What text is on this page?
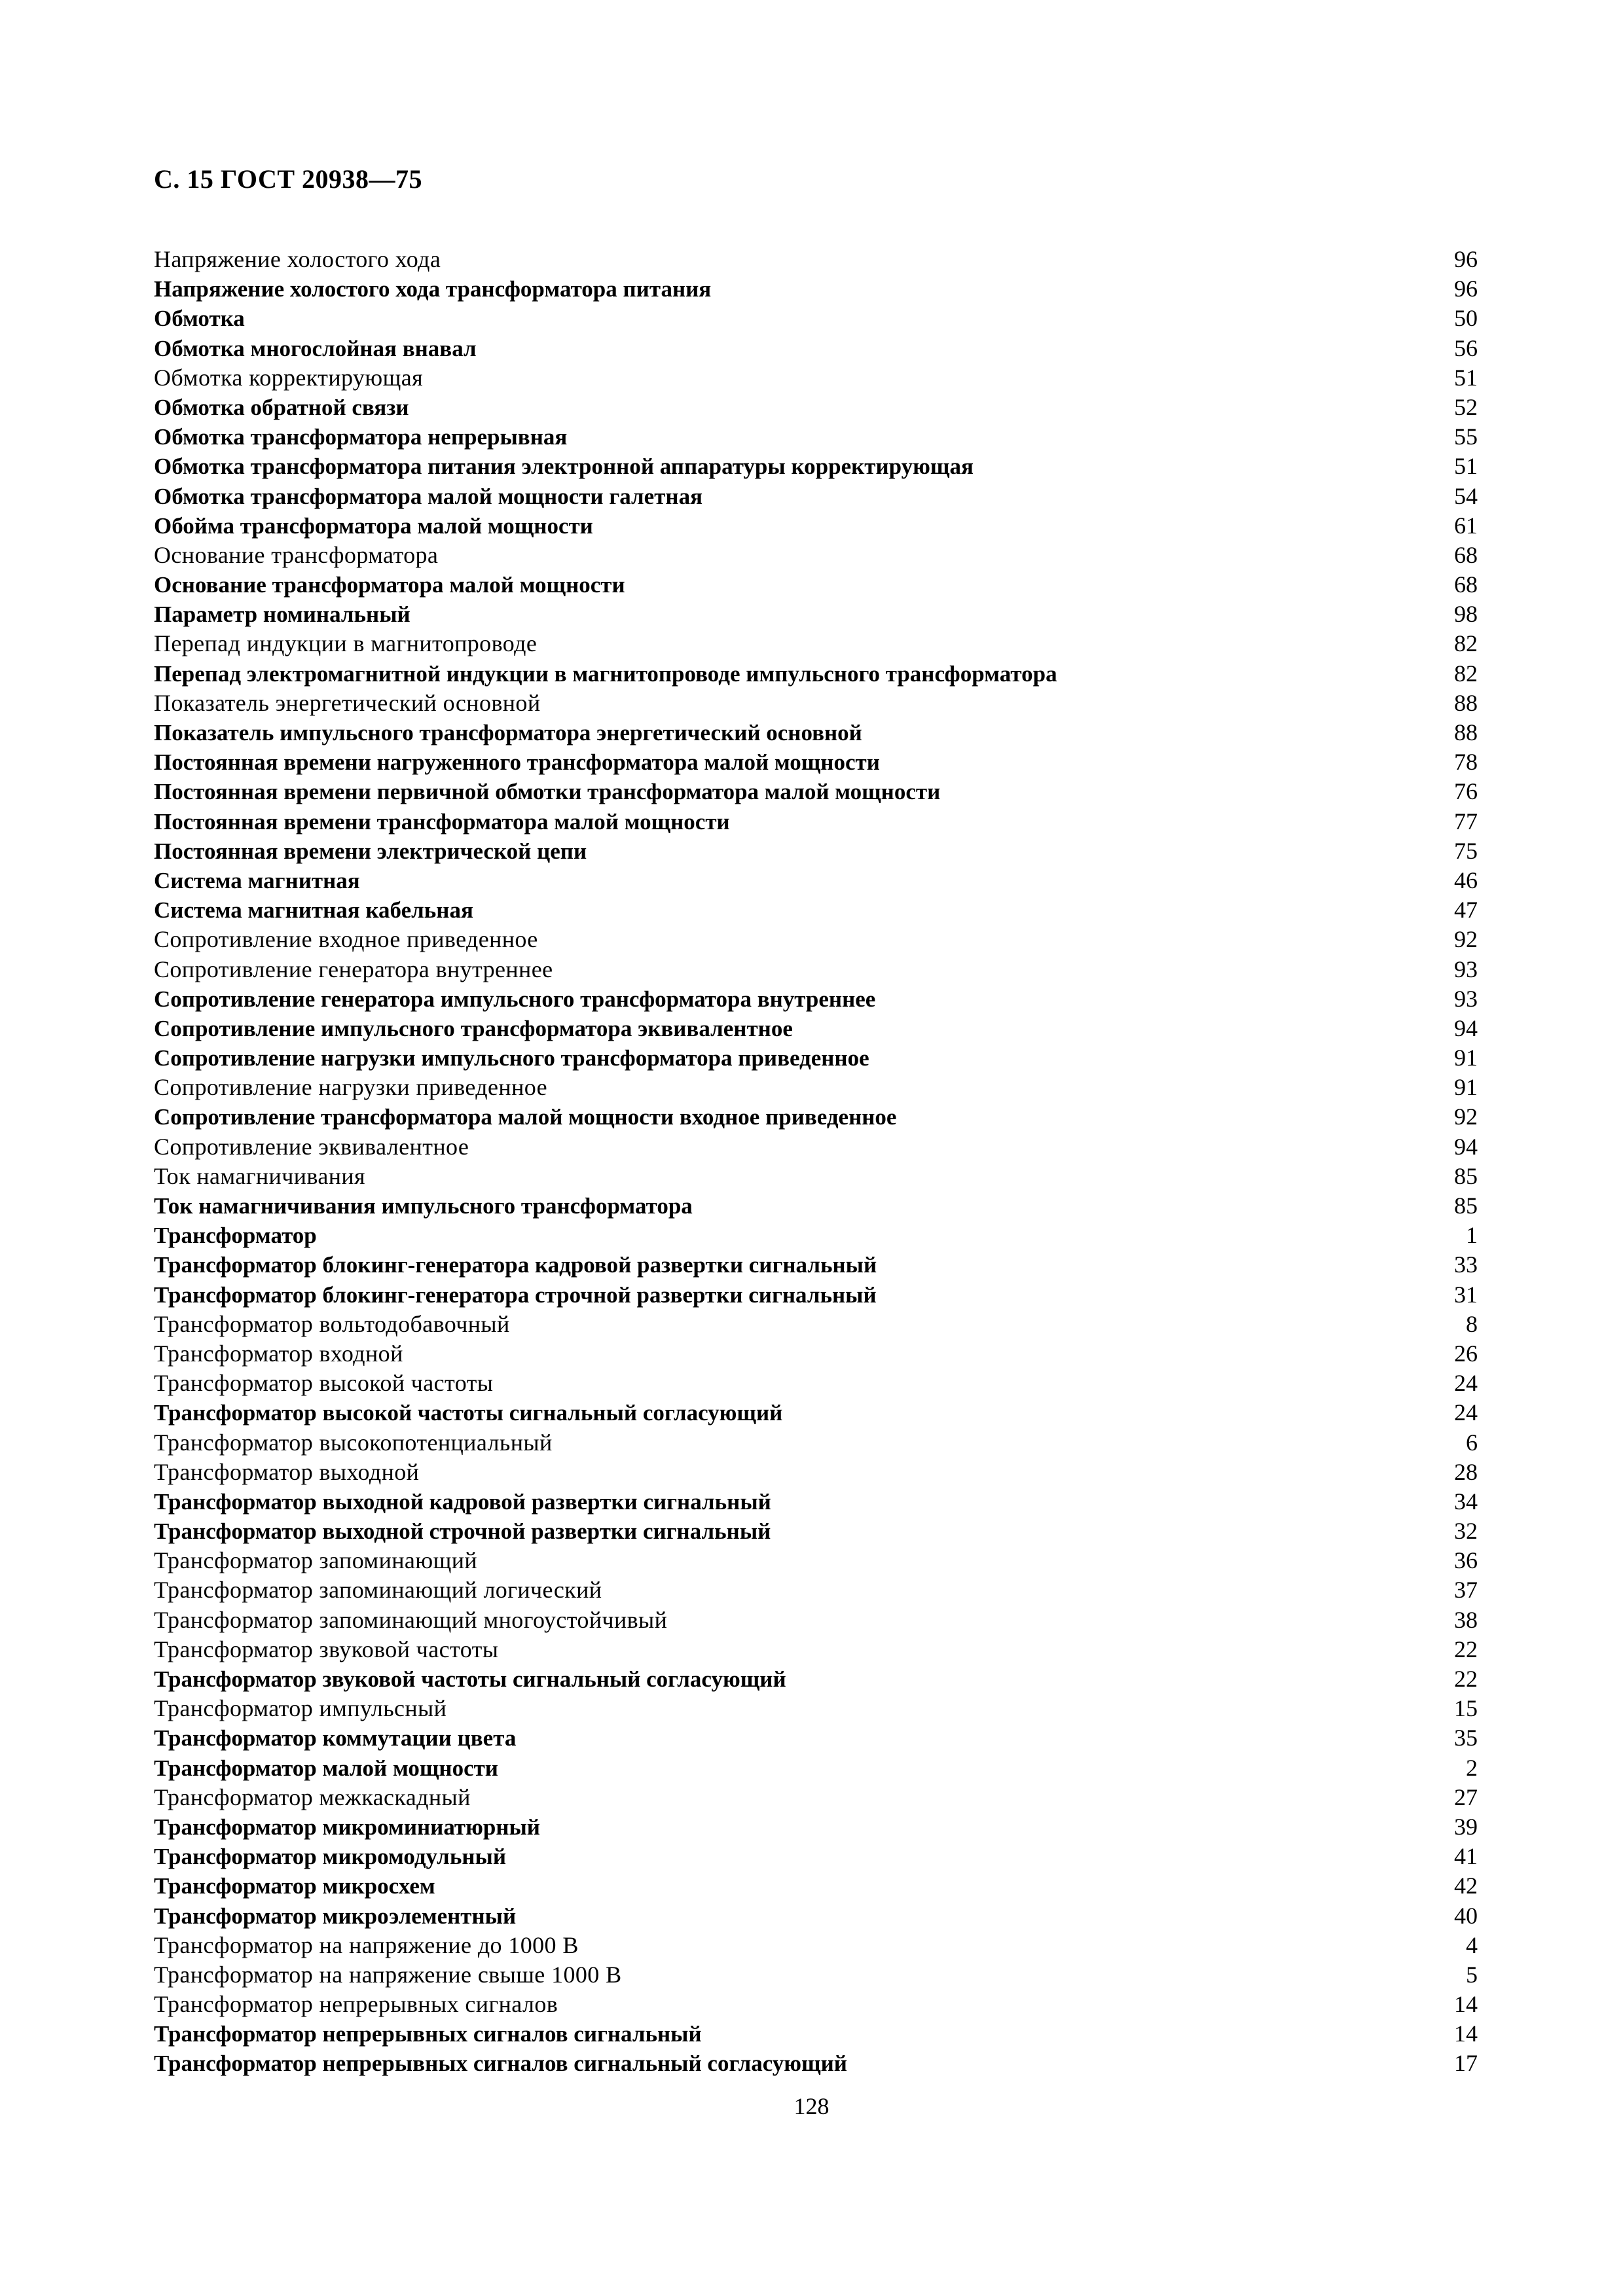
С. 15 ГОСТ 20938—75
Напряжение холостого хода	96
Напряжение холостого хода трансформатора питания	96
Обмотка	50
Обмотка многослойная внавал	56
Обмотка корректирующая	51
Обмотка обратной связи	52
Обмотка трансформатора непрерывная	55
Обмотка трансформатора питания электронной аппаратуры корректирующая	51
Обмотка трансформатора малой мощности галетная	54
Обойма трансформатора малой мощности	61
Основание трансформатора	68
Основание трансформатора малой мощности	68
Параметр номинальный	98
Перепад индукции в магнитопроводе	82
Перепад электромагнитной индукции в магнитопроводе импульсного трансформатора	82
Показатель энергетический основной	88
Показатель импульсного трансформатора энергетический основной	88
Постоянная времени нагруженного трансформатора малой мощности	78
Постоянная времени первичной обмотки трансформатора малой мощности	76
Постоянная времени трансформатора малой мощности	77
Постоянная времени электрической цепи	75
Система магнитная	46
Система магнитная кабельная	47
Сопротивление входное приведенное	92
Сопротивление генератора внутреннее	93
Сопротивление генератора импульсного трансформатора внутреннее	93
Сопротивление импульсного трансформатора эквивалентное	94
Сопротивление нагрузки импульсного трансформатора приведенное	91
Сопротивление нагрузки приведенное	91
Сопротивление трансформатора малой мощности входное приведенное	92
Сопротивление эквивалентное	94
Ток намагничивания	85
Ток намагничивания импульсного трансформатора	85
Трансформатор	1
Трансформатор блокинг-генератора кадровой развертки сигнальный	33
Трансформатор блокинг-генератора строчной развертки сигнальный	31
Трансформатор вольтодобавочный	8
Трансформатор входной	26
Трансформатор высокой частоты	24
Трансформатор высокой частоты сигнальный согласующий	24
Трансформатор высокопотенциальный	6
Трансформатор выходной	28
Трансформатор выходной кадровой развертки сигнальный	34
Трансформатор выходной строчной развертки сигнальный	32
Трансформатор запоминающий	36
Трансформатор запоминающий логический	37
Трансформатор запоминающий многоустойчивый	38
Трансформатор звуковой частоты	22
Трансформатор звуковой частоты сигнальный согласующий	22
Трансформатор импульсный	15
Трансформатор коммутации цвета	35
Трансформатор малой мощности	2
Трансформатор межкаскадный	27
Трансформатор микроминиатюрный	39
Трансформатор микромодульный	41
Трансформатор микросхем	42
Трансформатор микроэлементный	40
Трансформатор на напряжение до 1000 В	4
Трансформатор на напряжение свыше 1000 В	5
Трансформатор непрерывных сигналов	14
Трансформатор непрерывных сигналов сигнальный	14
Трансформатор непрерывных сигналов сигнальный согласующий	17
128
